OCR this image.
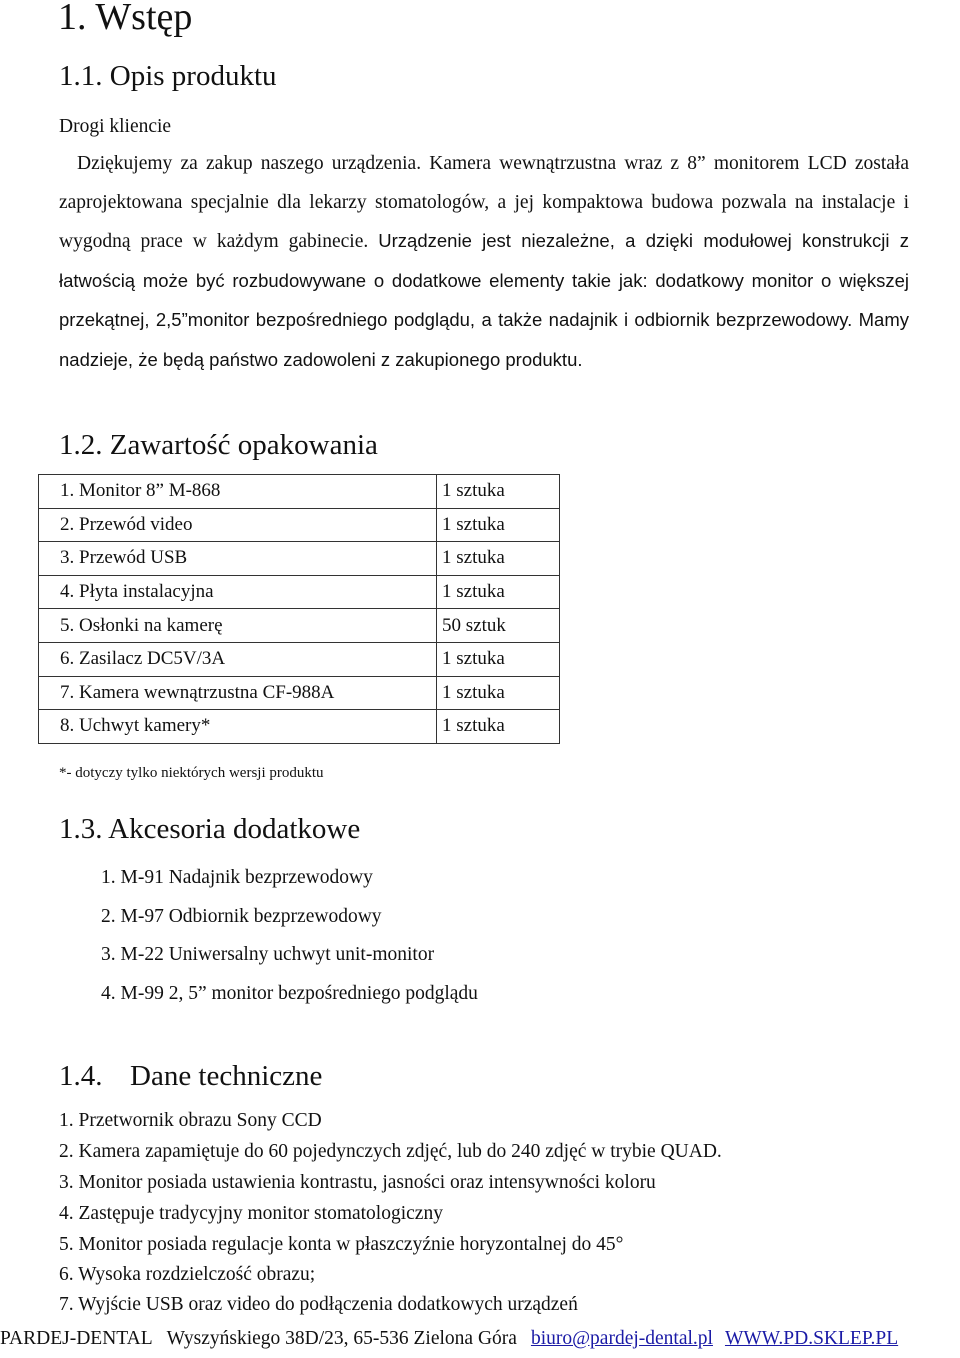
1. Wstęp
1.1. Opis produktu
Drogi kliencie

Dziękujemy za zakup naszego urządzenia. Kamera wewnątrzustna wraz z 8” monitorem LCD została zaprojektowana specjalnie dla lekarzy stomatologów, a jej kompaktowa budowa pozwala na instalacje i wygodną prace w każdym gabinecie. Urządzenie jest niezależne, a dzięki modułowej konstrukcji z łatwością może być rozbudowywane o dodatkowe elementy takie jak: dodatkowy monitor o większej przekątnej, 2,5”monitor bezpośredniego podglądu, a także nadajnik i odbiornik bezprzewodowy. Mamy nadzieje, że będą państwo zadowoleni z zakupionego produktu.

1.2. Zawartość opakowania
1. Monitor 8” M-868	1 sztuka
2. Przewód video	1 sztuka
3. Przewód USB	1 sztuka
4. Płyta instalacyjna	1 sztuka
5. Osłonki na kamerę	50 sztuk
6. Zasilacz DC5V/3A	1 sztuka
7. Kamera wewnątrzustna CF-988A	1 sztuka
8. Uchwyt kamery*	1 sztuka
*- dotyczy tylko niektórych wersji produktu
1.3. Akcesoria dodatkowe
1. M-91 Nadajnik bezprzewodowy
2. M-97 Odbiornik bezprzewodowy
3. M-22 Uniwersalny uchwyt unit-monitor
4. M-99 2, 5” monitor bezpośredniego podglądu
1.4. Dane techniczne
1. Przetwornik obrazu Sony CCD
2. Kamera zapamiętuje do 60 pojedynczych zdjęć, lub do 240 zdjęć w trybie QUAD.
3. Monitor posiada ustawienia kontrastu, jasności oraz intensywności koloru
4. Zastępuje tradycyjny monitor stomatologiczny
5. Monitor posiada regulacje konta w płaszczyźnie horyzontalnej do 45°
6. Wysoka rozdzielczość obrazu;
7. Wyjście USB oraz video do podłączenia dodatkowych urządzeń
PARDEJ-DENTAL Wyszyńskiego 38D/23, 65-536 Zielona Góra biuro@pardej-dental.pl WWW.PD.SKLEP.PL
